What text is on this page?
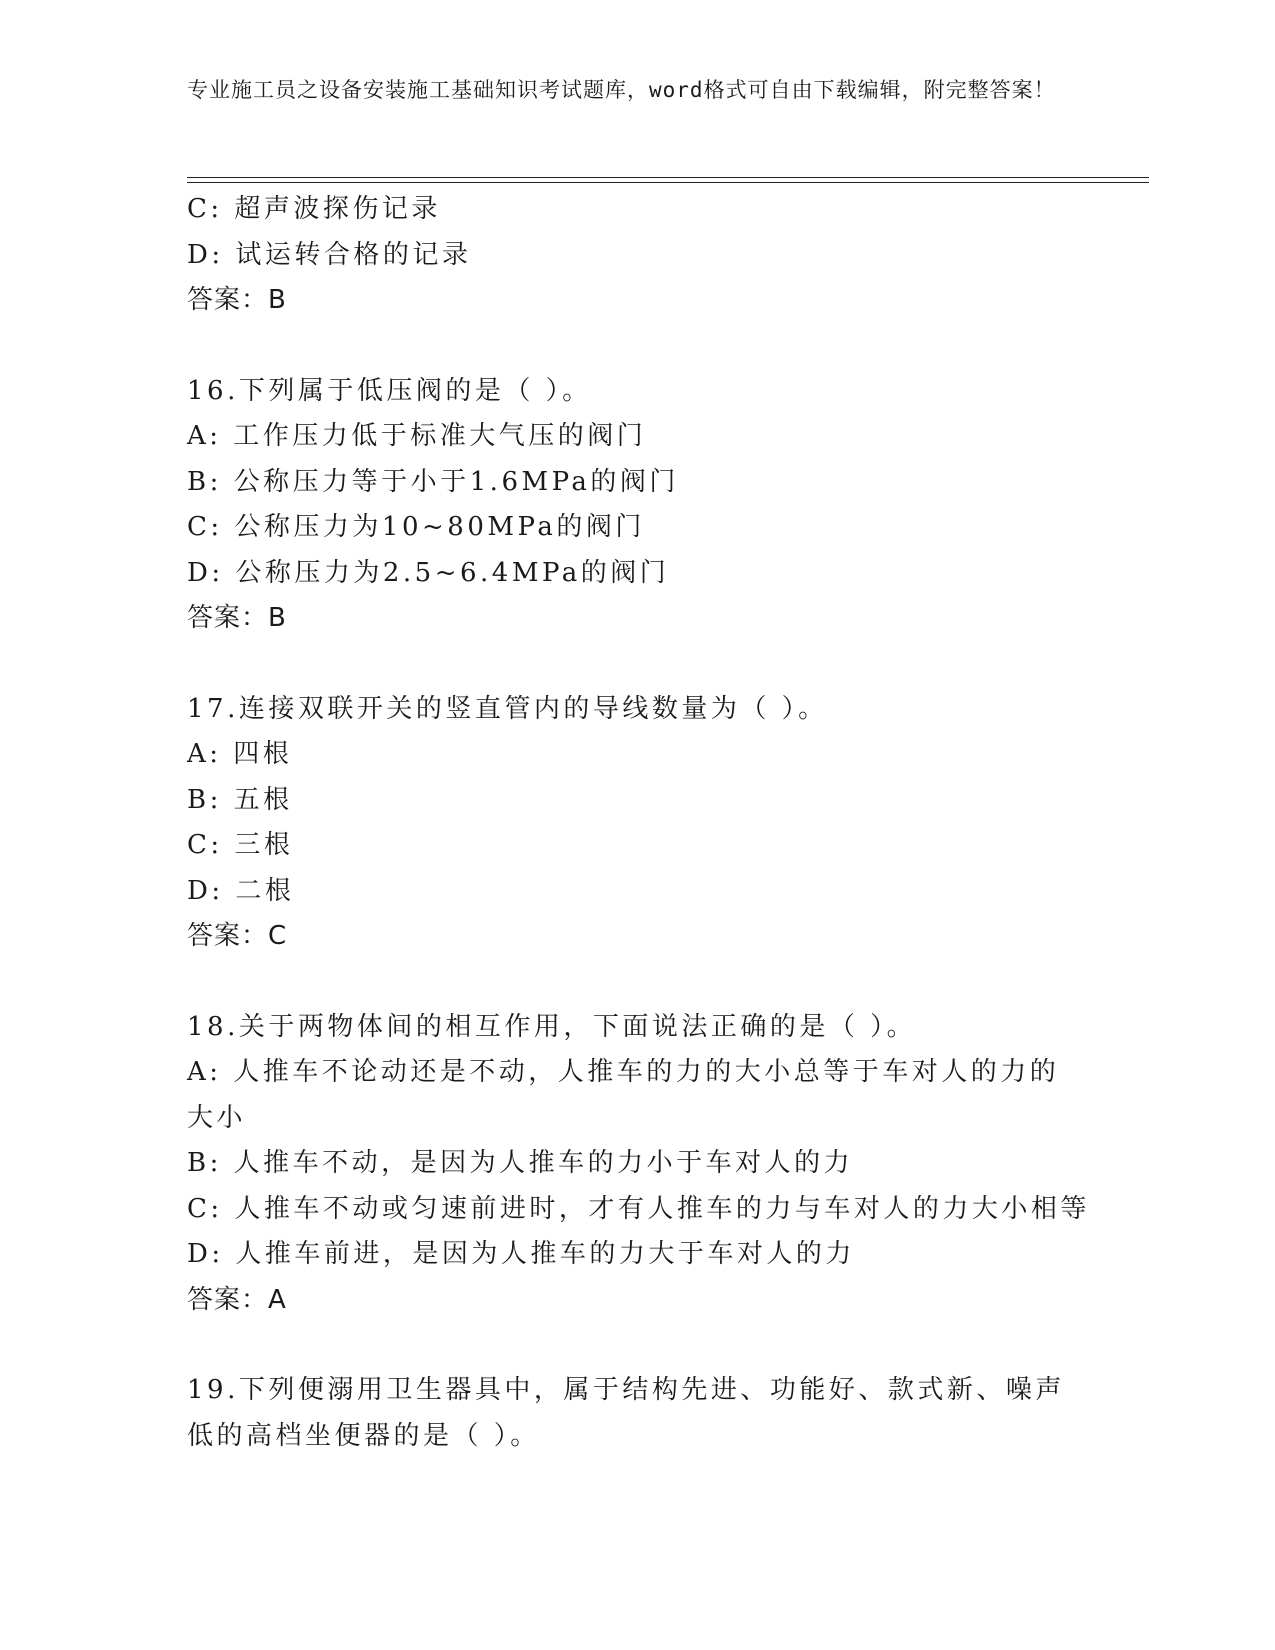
专业施工员之设备安装施工基础知识考试题库，word格式可自由下载编辑，附完整答案！
C: 超声波探伤记录
D: 试运转合格的记录
答案：B
16.下列属于低压阀的是（ ）。
A: 工作压力低于标准大气压的阀门
B: 公称压力等于小于1.6MPa的阀门
C: 公称压力为10~80MPa的阀门
D: 公称压力为2.5~6.4MPa的阀门
答案：B
17.连接双联开关的竖直管内的导线数量为（ ）。
A: 四根
B: 五根
C: 三根
D: 二根
答案：C
18.关于两物体间的相互作用，下面说法正确的是（ ）。
A: 人推车不论动还是不动，人推车的力的大小总等于车对人的力的大小
B: 人推车不动，是因为人推车的力小于车对人的力
C: 人推车不动或匀速前进时，才有人推车的力与车对人的力大小相等
D: 人推车前进，是因为人推车的力大于车对人的力
答案：A
19.下列便溺用卫生器具中，属于结构先进、功能好、款式新、噪声低的高档坐便器的是（ ）。
